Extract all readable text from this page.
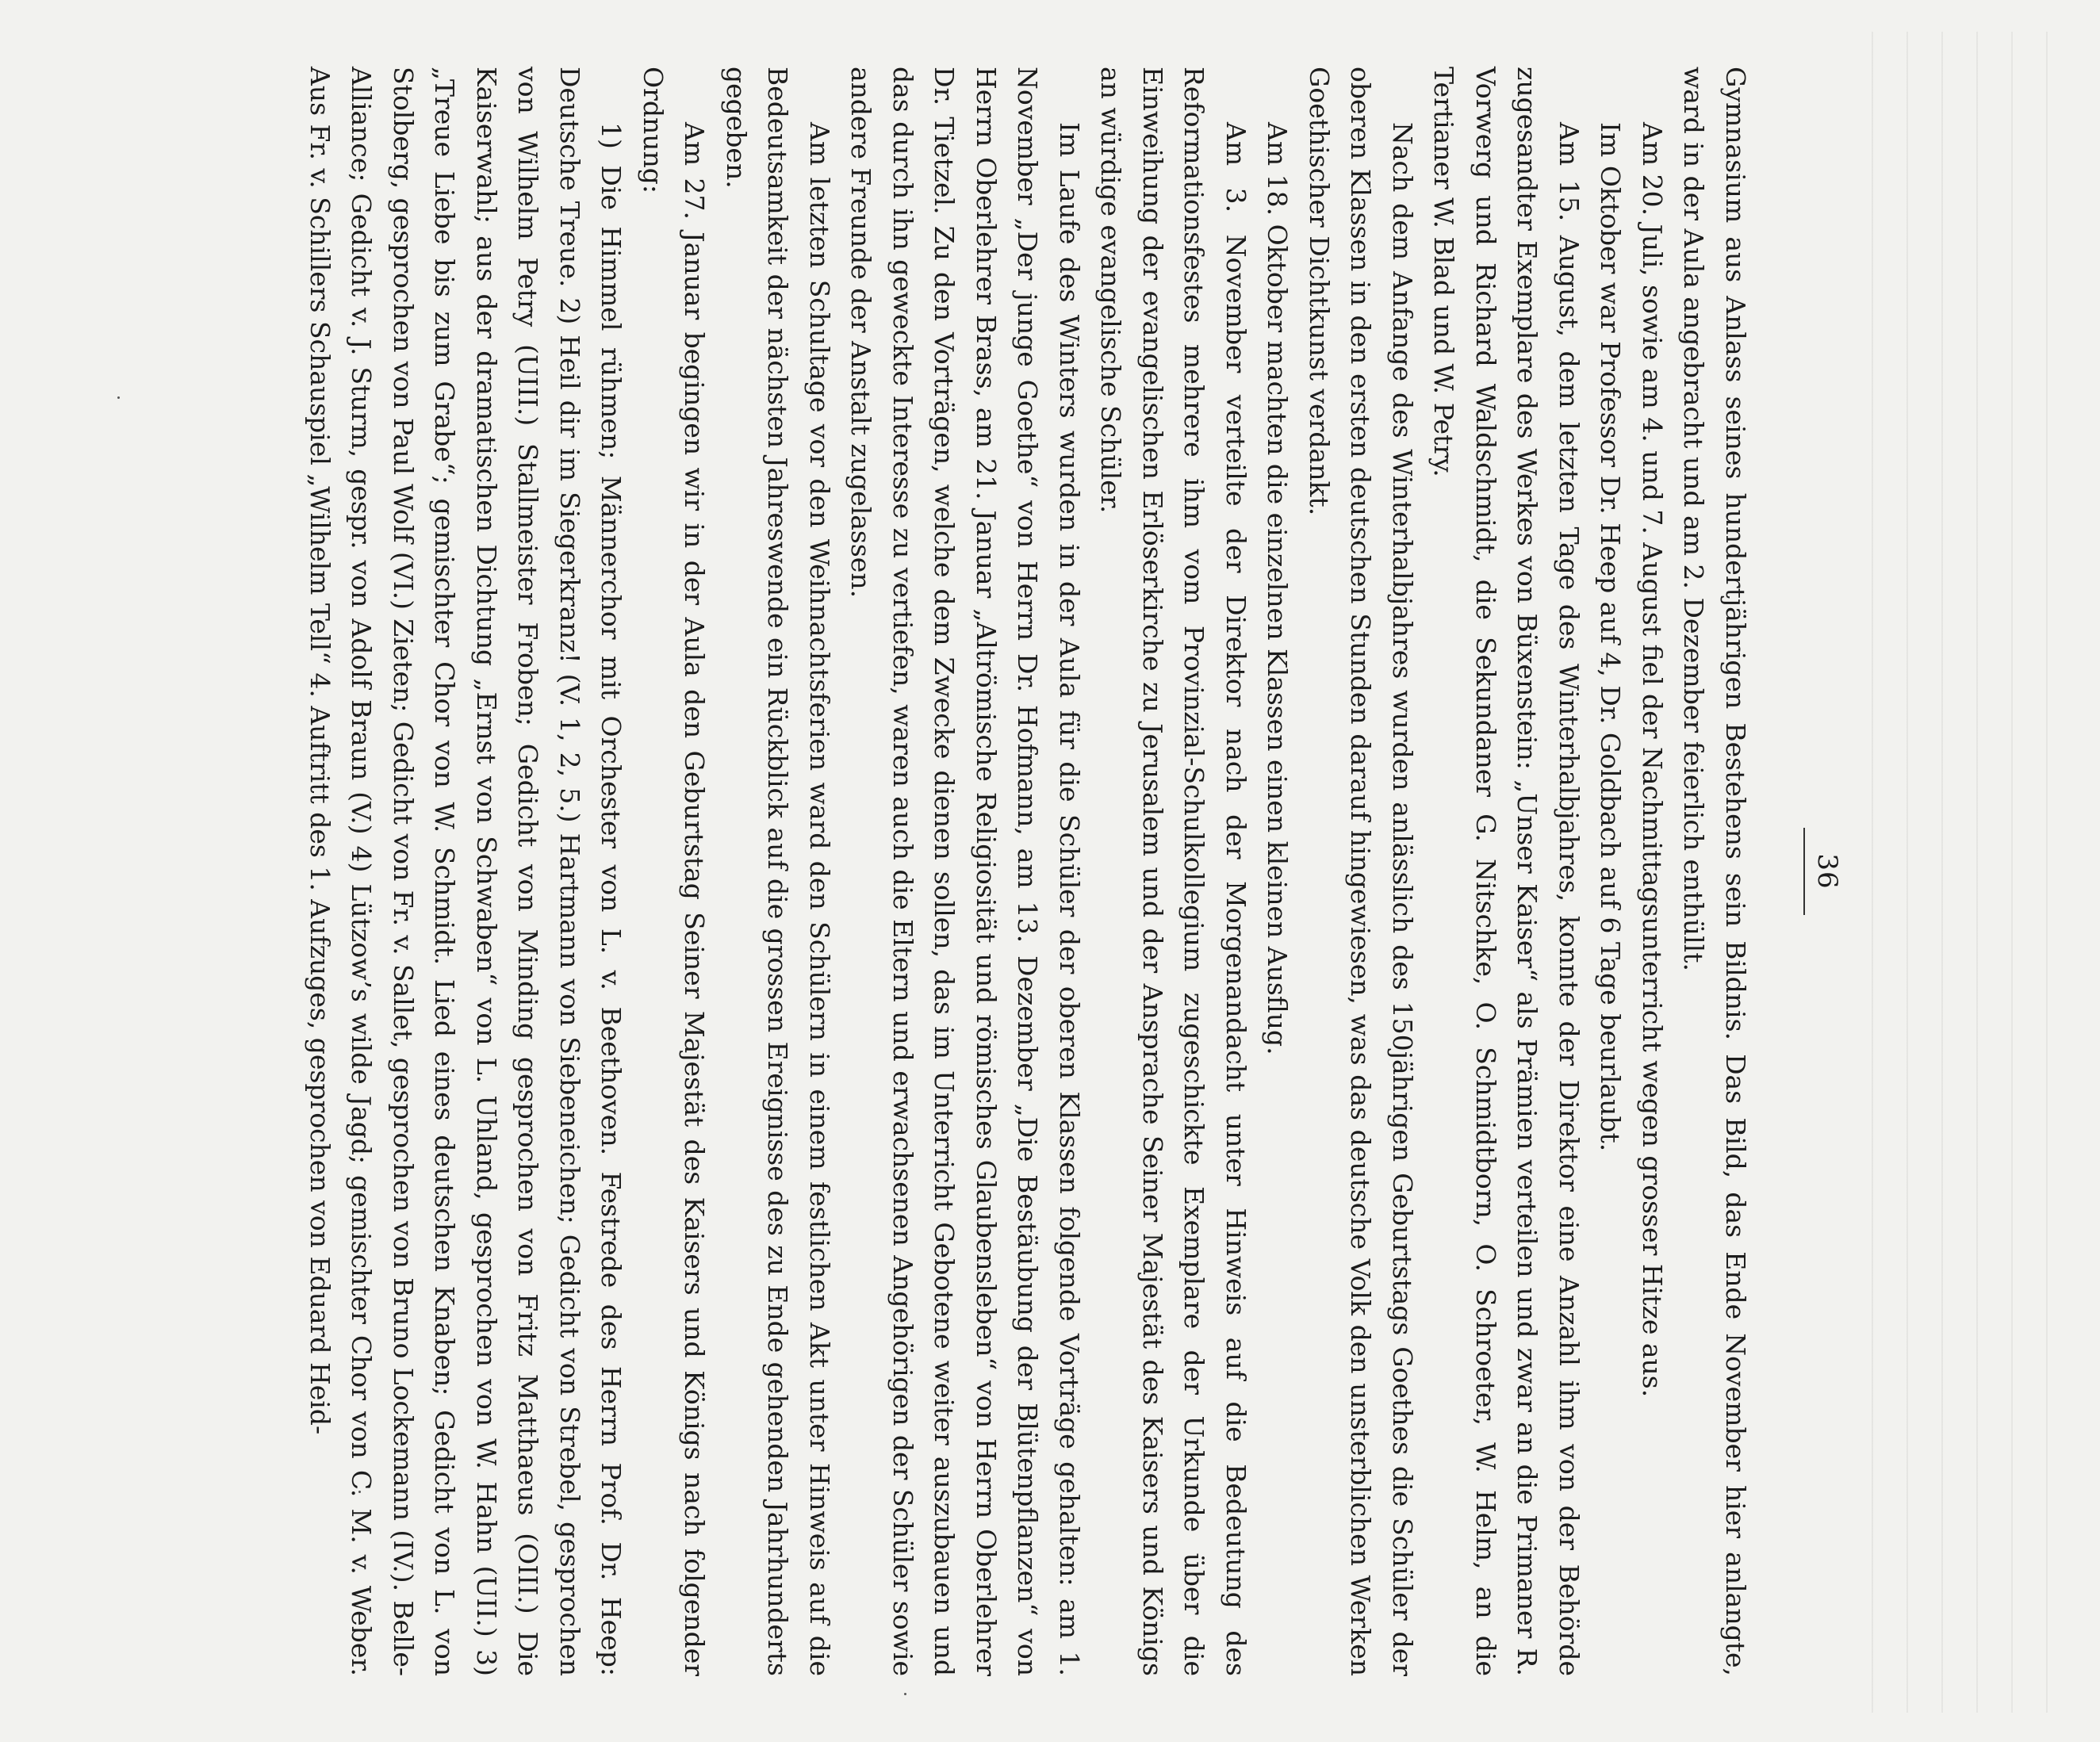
36

Gymnasium aus Anlass seines hundertjährigen Bestehens sein Bildnis. Das Bild, das Ende November hier anlangte, ward in der Aula angebracht und am 2. Dezember feierlich enthüllt.

Am 20. Juli, sowie am 4. und 7. August fiel der Nachmittagsunterricht wegen grosser Hitze aus.

Im Oktober war Professor Dr. Heep auf 4, Dr. Goldbach auf 6 Tage beurlaubt.

Am 15. August, dem letzten Tage des Winterhalbjahres, konnte der Direktor eine Anzahl ihm von der Behörde zugesandter Exemplare des Werkes von Büxenstein: „Unser Kaiser“ als Prämien verteilen und zwar an die Primaner R. Vorwerg und Richard Waldschmidt, die Sekundaner G. Nitschke, O. Schmidtborn, O. Schroeter, W. Helm, an die Tertianer W. Blad und W. Petry.

Nach dem Anfange des Winterhalbjahres wurden anlässlich des 150jährigen Geburtstags Goethes die Schüler der oberen Klassen in den ersten deutschen Stunden darauf hingewiesen, was das deutsche Volk den unsterblichen Werken Goethischer Dichtkunst verdankt.

Am 18. Oktober machten die einzelnen Klassen einen kleinen Ausflug.

Am 3. November verteilte der Direktor nach der Morgenandacht unter Hinweis auf die Bedeutung des Reformationsfestes mehrere ihm vom Provinzial-Schulkollegium zugeschickte Exemplare der Urkunde über die Einweihung der evangelischen Erlöserkirche zu Jerusalem und der Ansprache Seiner Majestät des Kaisers und Königs an würdige evangelische Schüler.

Im Laufe des Winters wurden in der Aula für die Schüler der oberen Klassen folgende Vorträge gehalten: am 1. November „Der junge Goethe“ von Herrn Dr. Hofmann, am 13. Dezember „Die Bestäubung der Blütenpflanzen“ von Herrn Oberlehrer Brass, am 21. Januar „Altrömische Religiosität und römisches Glaubensleben“ von Herrn Oberlehrer Dr. Tietzel. Zu den Vorträgen, welche dem Zwecke dienen sollen, das im Unterricht Gebotene weiter auszubauen und das durch ihn geweckte Interesse zu vertiefen, waren auch die Eltern und erwachsenen Angehörigen der Schüler sowie andere Freunde der Anstalt zugelassen.

Am letzten Schultage vor den Weihnachtsferien ward den Schülern in einem festlichen Akt unter Hinweis auf die Bedeutsamkeit der nächsten Jahreswende ein Rückblick auf die grossen Ereignisse des zu Ende gehenden Jahrhunderts gegeben.

Am 27. Januar begingen wir in der Aula den Geburtstag Seiner Majestät des Kaisers und Königs nach folgender Ordnung:

1) Die Himmel rühmen; Männerchor mit Orchester von L. v. Beethoven. Festrede des Herrn Prof. Dr. Heep: Deutsche Treue. 2) Heil dir im Siegerkranz! (V. 1, 2, 5.) Hartmann von Siebeneichen; Gedicht von Strebel, gesprochen von Wilhelm Petry (UIII.) Stallmeister Froben; Gedicht von Minding gesprochen von Fritz Matthaeus (OIII.) Die Kaiserwahl; aus der dramatischen Dichtung „Ernst von Schwaben“ von L. Uhland, gesprochen von W. Hahn (UII.) 3) „Treue Liebe bis zum Grabe“; gemischter Chor von W. Schmidt. Lied eines deutschen Knaben; Gedicht von L. von Stolberg, gesprochen von Paul Wolf (VI.) Zieten; Gedicht von Fr. v. Sallet, gesprochen von Bruno Lockemann (IV.). Belle-Alliance; Gedicht v. J. Sturm, gespr. von Adolf Braun (V.) 4) Lützow’s wilde Jagd; gemischter Chor von C. M. v. Weber. Aus Fr. v. Schillers Schauspiel „Wilhelm Tell“ 4. Auftritt des 1. Aufzuges, gesprochen von Eduard Heid-
